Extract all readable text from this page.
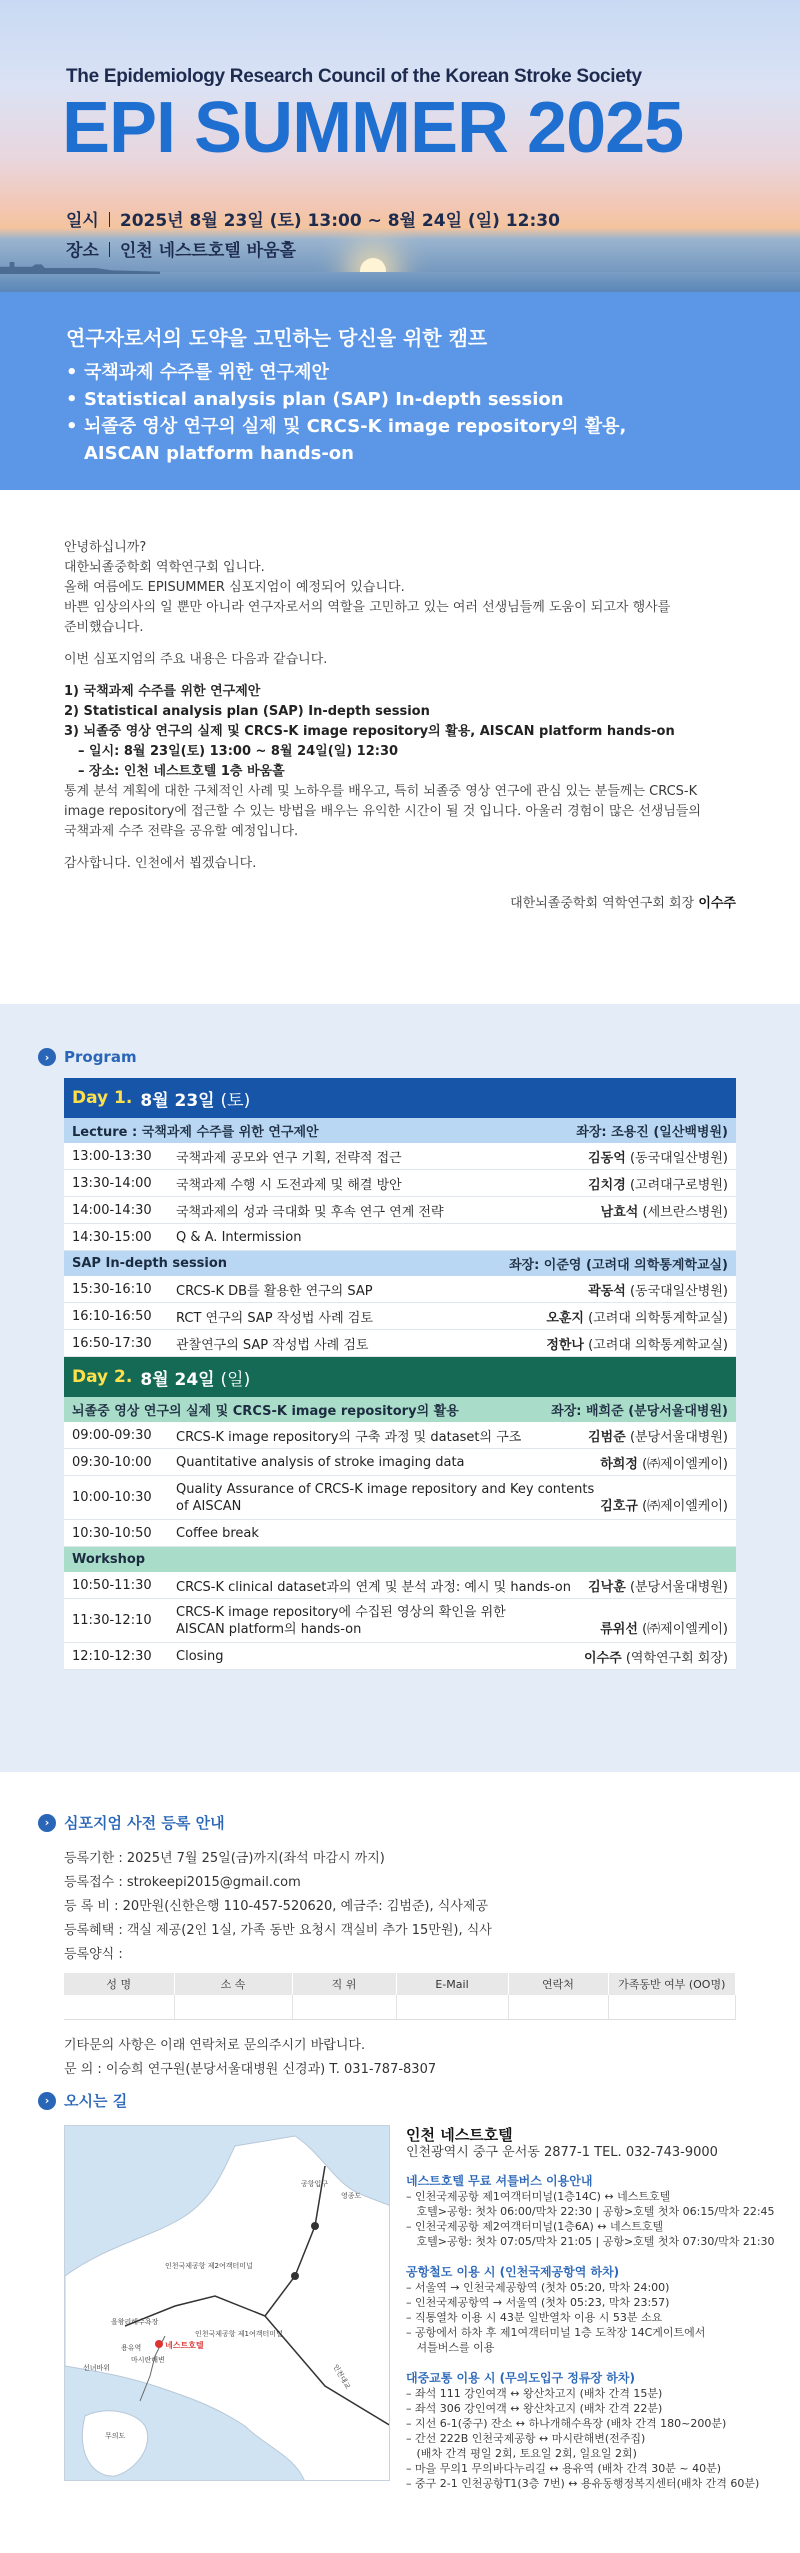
The Epidemiology Research Council of the Korean Stroke Society
EPI SUMMER 2025
일시 2025년 8월 23일 (토) 13:00 ~ 8월 24일 (일) 12:30
장소 인천 네스트호텔 바움홀
연구자로서의 도약을 고민하는 당신을 위한 캠프
• 국책과제 수주를 위한 연구제안
• Statistical analysis plan (SAP) In-depth session
• 뇌졸중 영상 연구의 실제 및 CRCS-K image repository의 활용,
AISCAN platform hands-on

안녕하십니까?

대한뇌졸중학회 역학연구회 입니다.

올해 여름에도 EPISUMMER 심포지엄이 예정되어 있습니다.

바쁜 임상의사의 일 뿐만 아니라 연구자로서의 역할을 고민하고 있는 여러 선생님들께 도움이 되고자 행사를

준비했습니다.

이번 심포지엄의 주요 내용은 다음과 같습니다.

1) 국책과제 수주를 위한 연구제안

2) Statistical analysis plan (SAP) In-depth session

3) 뇌졸중 영상 연구의 실제 및 CRCS-K image repository의 활용, AISCAN platform hands-on

– 일시: 8월 23일(토) 13:00 ~ 8월 24일(일) 12:30

– 장소: 인천 네스트호텔 1층 바움홀

통계 분석 계획에 대한 구체적인 사례 및 노하우를 배우고, 특히 뇌졸중 영상 연구에 관심 있는 분들께는 CRCS-K

image repository에 접근할 수 있는 방법을 배우는 유익한 시간이 될 것 입니다. 아울러 경험이 많은 선생님들의

국책과제 수주 전략을 공유할 예정입니다.

감사합니다. 인천에서 뵙겠습니다.

대한뇌졸중학회 역학연구회 회장 이수주

› Program
Day 1. 8월 23일
(토)
Lecture : 국책과제 수주를 위한 연구제안	좌장: 조용진 (일산백병원)
13:00-13:30	국책과제 공모와 연구 기획, 전략적 접근	김동억 (동국대일산병원)
13:30-14:00	국책과제 수행 시 도전과제 및 해결 방안	김치경 (고려대구로병원)
14:00-14:30	국책과제의 성과 극대화 및 후속 연구 연계 전략	남효석 (세브란스병원)
14:30-15:00	Q & A. Intermission
SAP In-depth session	좌장: 이준영 (고려대 의학통계학교실)
15:30-16:10	CRCS-K DB를 활용한 연구의 SAP	곽동석 (동국대일산병원)
16:10-16:50	RCT 연구의 SAP 작성법 사례 검토	오훈지 (고려대 의학통계학교실)
16:50-17:30	관찰연구의 SAP 작성법 사례 검토	정한나 (고려대 의학통계학교실)
Day 2. 8월 24일
(일)
뇌졸중 영상 연구의 실제 및 CRCS-K image repository의 활용	좌장: 배희준 (분당서울대병원)
09:00-09:30	CRCS-K image repository의 구축 과정 및 dataset의 구조	김범준 (분당서울대병원)
09:30-10:00	Quantitative analysis of stroke imaging data	하희정 (㈜제이엘케이)
10:00-10:30
Quality Assurance of CRCS-K image repository and Key contents of AISCAN	김호규 (㈜제이엘케이)
10:30-10:50	Coffee break
Workshop
10:50-11:30	CRCS-K clinical dataset과의 연계 및 분석 과정: 예시 및 hands-on	김낙훈 (분당서울대병원)
11:30-12:10
CRCS-K image repository에 수집된 영상의 확인을 위한
AISCAN platform의 hands-on	류위선 (㈜제이엘케이)
12:10-12:30	Closing	이수주 (역학연구회 회장)
› 심포지엄 사전 등록 안내
등록기한 : 2025년 7월 25일(금)까지(좌석 마감시 까지)
등록접수 : strokeepi2015@gmail.com
등 록 비 : 20만원(신한은행 110-457-520620, 예금주: 김범준), 식사제공
등록혜택 : 객실 제공(2인 1실, 가족 동반 요청시 객실비 추가 15만원), 식사
등록양식 :
성 명	소 속	직 위	E-Mail	연락처	가족동반 여부 (OO명)

기타문의 사항은 이래 연락처로 문의주시기 바랍니다.
문 의 : 이승희 연구원(분당서울대병원 신경과) T. 031-787-8307
› 오시는 길
인천국제공항 제2여객터미널
인천국제공항 제1여객터미널
네스트호텔
공항입구
영종도
을왕리해수욕장
마시란해변
용유역
무의도
선녀바위	인천대교
인천 네스트호텔
인천광역시 중구 운서동 2877-1 TEL. 032-743-9000
네스트호텔 무료 셔틀버스 이용안내
– 인천국제공항 제1여객터미널(1층14C) ↔ 네스트호텔
호텔>공항: 첫차 06:00/막차 22:30 | 공항>호텔 첫차 06:15/막차 22:45
– 인천국제공항 제2여객터미널(1층6A) ↔ 네스트호텔
호텔>공항: 첫차 07:05/막차 21:05 | 공항>호텔 첫차 07:30/막차 21:30
공항철도 이용 시 (인천국제공항역 하차)
– 서울역 → 인천국제공항역 (첫차 05:20, 막차 24:00)
– 인천국제공항역 → 서울역 (첫차 05:23, 막차 23:57)
– 직통열차 이용 시 43분 일반열차 이용 시 53분 소요
– 공항에서 하차 후 제1여객터미널 1층 도착장 14C게이트에서
셔틀버스를 이용
대중교통 이용 시 (무의도입구 정류장 하차)
– 좌석 111 강인여객 ↔ 왕산차고지 (배차 간격 15분)
– 좌석 306 강인여객 ↔ 왕산차고지 (배차 간격 22분)
– 지선 6-1(중구) 잔소 ↔ 하나개해수욕장 (배차 간격 180~200분)
– 간선 222B 인천국제공항 ↔ 마시란해변(전주집)
(배차 간격 평일 2회, 토요일 2회, 일요일 2회)
– 마을 무의1 무의바다누리길 ↔ 용유역 (배차 간격 30분 ~ 40분)
– 중구 2-1 인천공항T1(3층 7번) ↔ 용유동행정복지센터(배차 간격 60분)
